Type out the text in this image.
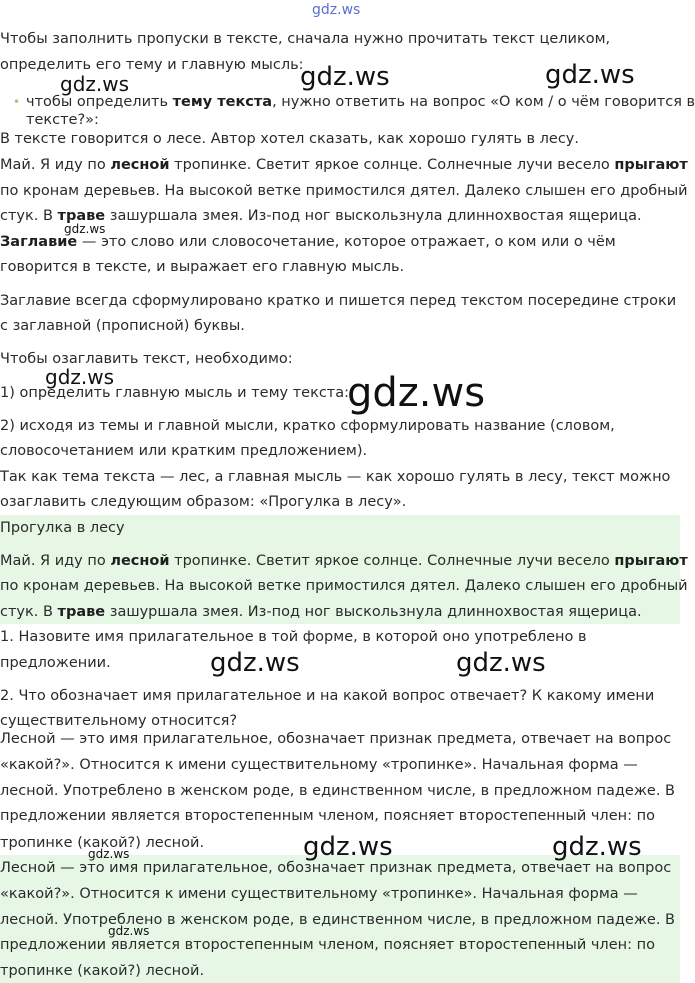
gdz.ws
Чтобы заполнить пропуски в тексте, сначала нужно прочитать текст целиком,
определить его тему и главную мысль:
• чтобы определить тему текста, нужно ответить на вопрос «О ком / о чём говорится в
тексте?»:
В тексте говорится о лесе. Автор хотел сказать, как хорошо гулять в лесу.
Май. Я иду по лесной тропинке. Светит яркое солнце. Солнечные лучи весело прыгают
по кронам деревьев. На высокой ветке примостился дятел. Далеко слышен его дробный
стук. В траве зашуршала змея. Из-под ног выскользнула длиннохвостая ящерица.
Заглавие — это слово или словосочетание, которое отражает, о ком или о чём
говорится в тексте, и выражает его главную мысль.
Заглавие всегда сформулировано кратко и пишется перед текстом посередине строки
с заглавной (прописной) буквы.
Чтобы озаглавить текст, необходимо:
1) определить главную мысль и тему текста:
2) исходя из темы и главной мысли, кратко сформулировать название (словом,
словосочетанием или кратким предложением).
Так как тема текста — лес, а главная мысль — как хорошо гулять в лесу, текст можно
озаглавить следующим образом: «Прогулка в лесу».
Прогулка в лесу
Май. Я иду по лесной тропинке. Светит яркое солнце. Солнечные лучи весело прыгают
по кронам деревьев. На высокой ветке примостился дятел. Далеко слышен его дробный
стук. В траве зашуршала змея. Из-под ног выскользнула длиннохвостая ящерица.
1. Назовите имя прилагательное в той форме, в которой оно употреблено в
предложении.
2. Что обозначает имя прилагательное и на какой вопрос отвечает? К какому имени
существительному относится?
Лесной — это имя прилагательное, обозначает признак предмета, отвечает на вопрос
«какой?». Относится к имени существительному «тропинке». Начальная форма —
лесной. Употреблено в женском роде, в единственном числе, в предложном падеже. В
предложении является второстепенным членом, поясняет второстепенный член: по
тропинке (какой?) лесной.
Лесной — это имя прилагательное, обозначает признак предмета, отвечает на вопрос
«какой?». Относится к имени существительному «тропинке». Начальная форма —
лесной. Употреблено в женском роде, в единственном числе, в предложном падеже. В
предложении является второстепенным членом, поясняет второстепенный член: по
тропинке (какой?) лесной.
gdz.ws	gdz.ws	gdz.ws
gdz.ws
gdz.ws	gdz.ws
gdz.ws	gdz.ws
gdz.ws	gdz.ws
gdz.ws
gdz.ws
